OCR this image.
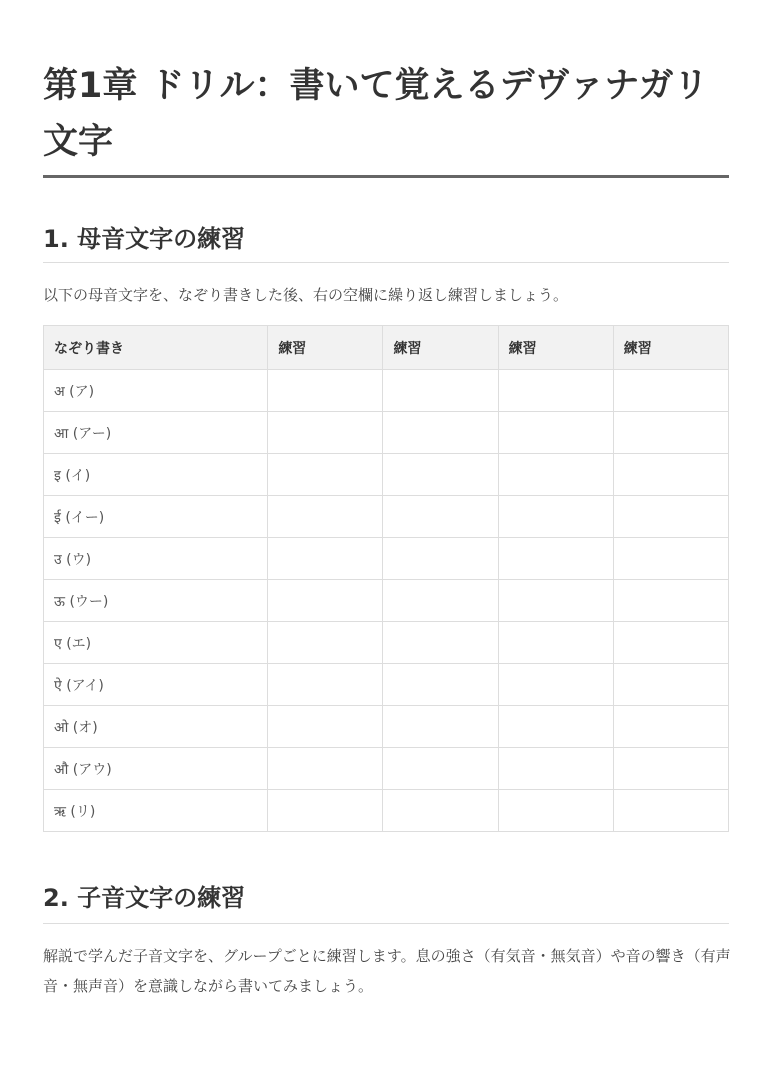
第1章 ドリル：書いて覚えるデヴァナガリ文字
1. 母音文字の練習

以下の母音文字を、なぞり書きした後、右の空欄に繰り返し練習しましょう。

なぞり書き	練習	練習	練習	練習
अ (ア)				
आ (アー)				
इ (イ)				
ई (イー)				
उ (ウ)				
ऊ (ウー)				
ए (エ)				
ऐ (アイ)				
ओ (オ)				
औ (アウ)				
ऋ (リ)				
2. 子音文字の練習

解説で学んだ子音文字を、グループごとに練習します。息の強さ（有気音・無気音）や音の響き（有声音・無声音）を意識しながら書いてみましょう。
